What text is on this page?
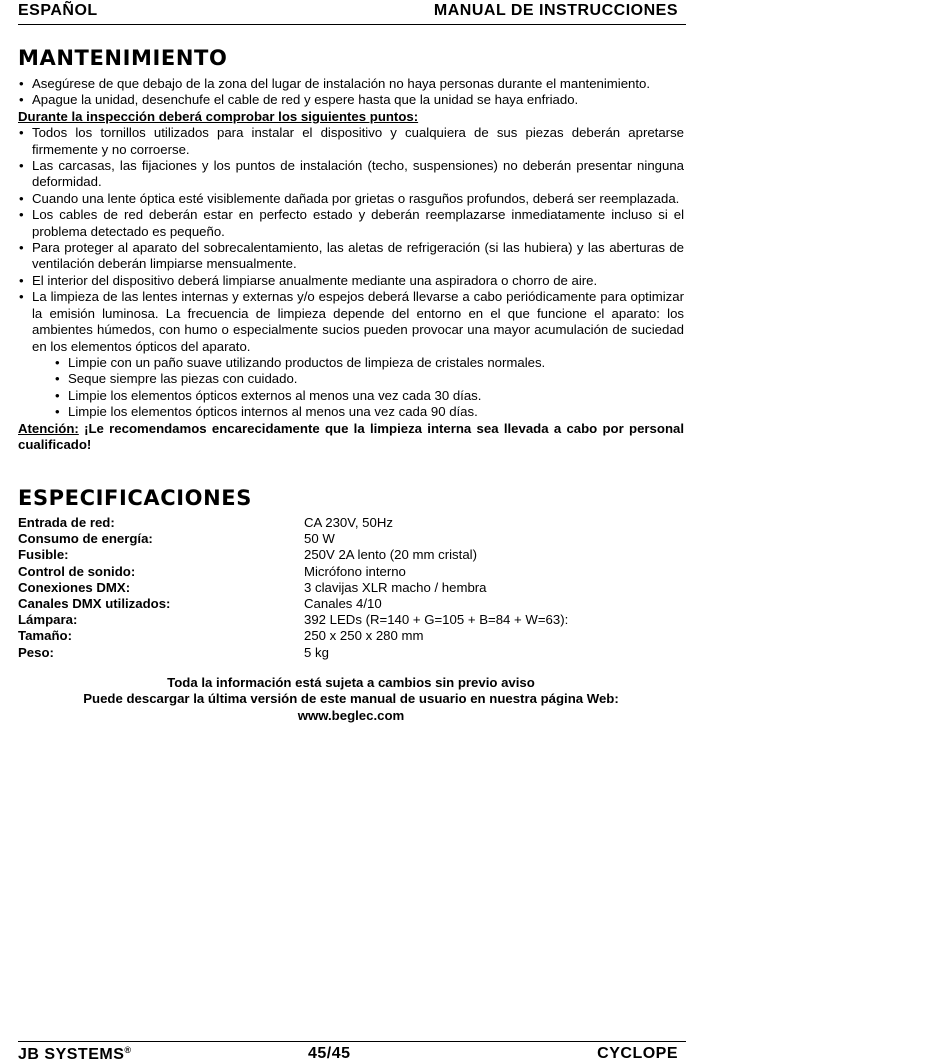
ESPAÑOL	MANUAL DE INSTRUCCIONES
MANTENIMIENTO
• Asegúrese de que debajo de la zona del lugar de instalación no haya personas durante el mantenimiento.
• Apague la unidad, desenchufe el cable de red y espere hasta que la unidad se haya enfriado.
Durante la inspección deberá comprobar los siguientes puntos:
• Todos los tornillos utilizados para instalar el dispositivo y cualquiera de sus piezas deberán apretarse firmemente y no corroerse.
• Las carcasas, las fijaciones y los puntos de instalación (techo, suspensiones) no deberán presentar ninguna deformidad.
• Cuando una lente óptica esté visiblemente dañada por grietas o rasguños profundos, deberá ser reemplazada.
• Los cables de red deberán estar en perfecto estado y deberán reemplazarse inmediatamente incluso si el problema detectado es pequeño.
• Para proteger al aparato del sobrecalentamiento, las aletas de refrigeración (si las hubiera) y las aberturas de ventilación deberán limpiarse mensualmente.
• El interior del dispositivo deberá limpiarse anualmente mediante una aspiradora o chorro de aire.
• La limpieza de las lentes internas y externas y/o espejos deberá llevarse a cabo periódicamente para optimizar la emisión luminosa. La frecuencia de limpieza depende del entorno en el que funcione el aparato: los ambientes húmedos, con humo o especialmente sucios pueden provocar una mayor acumulación de suciedad en los elementos ópticos del aparato.
• Limpie con un paño suave utilizando productos de limpieza de cristales normales.
• Seque siempre las piezas con cuidado.
• Limpie los elementos ópticos externos al menos una vez cada 30 días.
• Limpie los elementos ópticos internos al menos una vez cada 90 días.
Atención: ¡Le recomendamos encarecidamente que la limpieza interna sea llevada a cabo por personal cualificado!
ESPECIFICACIONES
Entrada de red:	CA 230V, 50Hz
Consumo de energía:	50 W
Fusible:	250V 2A lento (20 mm cristal)
Control de sonido:	Micrófono interno
Conexiones DMX:	3 clavijas XLR macho / hembra
Canales DMX utilizados:	Canales 4/10
Lámpara:	392 LEDs (R=140 + G=105 + B=84 + W=63):
Tamaño:	250 x 250 x 280 mm
Peso:	5 kg
Toda la información está sujeta a cambios sin previo aviso
Puede descargar la última versión de este manual de usuario en nuestra página Web:
www.beglec.com
JB SYSTEMS®	45/45	CYCLOPE
